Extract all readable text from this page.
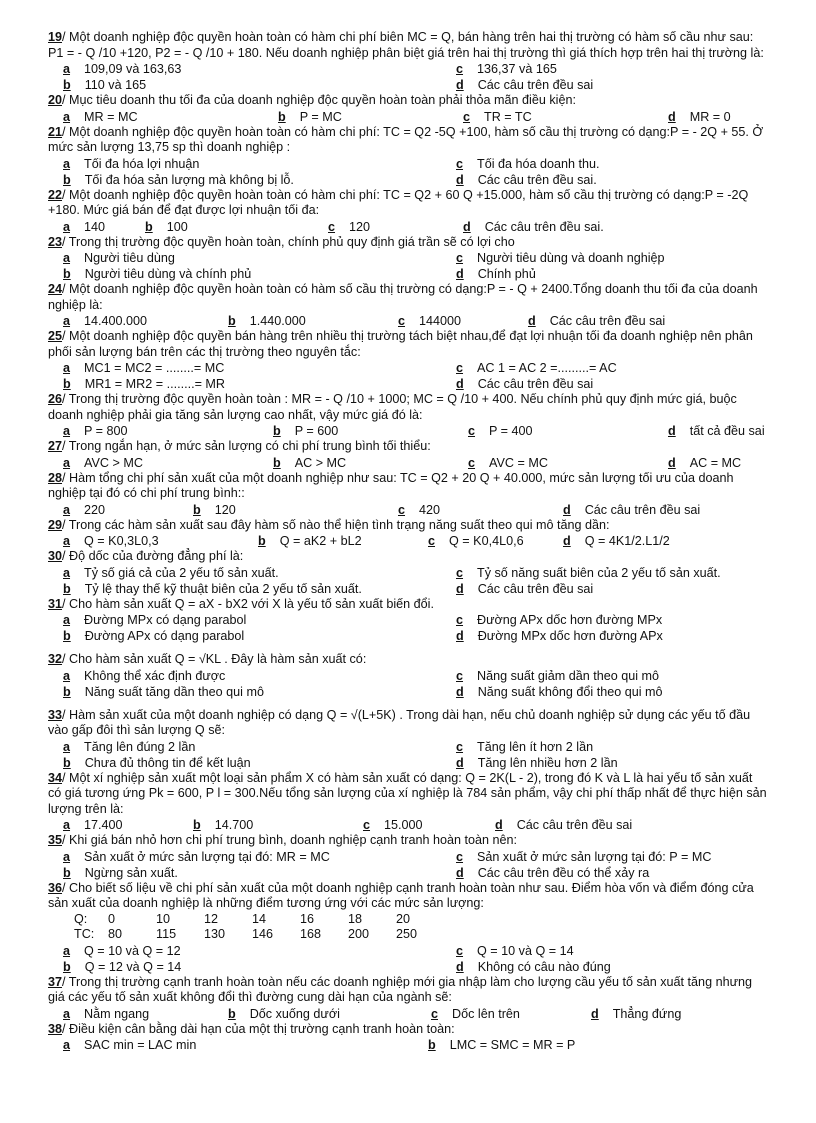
19/ Một doanh nghiệp độc quyền hoàn toàn có hàm chi phí biên MC = Q, bán hàng trên hai thị trường có hàm số cầu như sau: P1 = - Q /10 +120, P2 = - Q /10 + 180. Nếu doanh nghiệp phân biệt giá trên hai thị trường thì giá thích hợp trên hai thị trường là:

a 109,09 và 163,63	c 136,37 và 165
b 110 và 165	d Các câu trên đều sai

20/ Mục tiêu doanh thu tối đa của doanh nghiệp độc quyền hoàn toàn phải thỏa mãn điều kiện:

a MR = MC	b P = MC	c TR = TC	d MR = 0

21/ Một doanh nghiệp độc quyền hoàn toàn có hàm chi phí: TC = Q2 -5Q +100, hàm số cầu thị trường có dạng:P = - 2Q + 55. Ở mức sản lượng 13,75 sp thì doanh nghiệp :

a Tối đa hóa lợi nhuận	c Tối đa hóa doanh thu.
b Tối đa hóa sản lượng mà không bị lỗ.	d Các câu trên đều sai.

22/ Một doanh nghiệp độc quyền hoàn toàn có hàm chi phí: TC = Q2 + 60 Q +15.000, hàm số cầu thị trường có dạng:P = -2Q +180. Mức giá bán để đạt được lợi nhuận tối đa:

a 140	b 100	c 120	d Các câu trên đều sai.

23/ Trong thị trường độc quyền hoàn toàn, chính phủ quy định giá trần sẽ có lợi cho

a Người tiêu dùng	c Người tiêu dùng và doanh nghiệp
b Người tiêu dùng và chính phủ	d Chính phủ

24/ Một doanh nghiệp độc quyền hoàn toàn có hàm số cầu thị trường có dạng:P = - Q + 2400.Tổng doanh thu tối đa của doanh nghiệp là:

a 14.400.000	b 1.440.000	c 144000	d Các câu trên đều sai

25/ Một doanh nghiệp độc quyền bán hàng trên nhiều thị trường tách biệt nhau,để đạt lợi nhuận tối đa doanh nghiệp nên phân phối sản lượng bán trên các thị trường theo nguyên tắc:

a MC1 = MC2 = ........= MC	c AC 1 = AC 2 =.........= AC
b MR1 = MR2 = ........= MR	d Các câu trên đều sai

26/ Trong thị trường độc quyền hoàn toàn : MR = - Q /10 + 1000; MC = Q /10 + 400. Nếu chính phủ quy định mức giá, buộc doanh nghiệp phải gia tăng sản lượng cao nhất, vậy mức giá đó là:

a P = 800	b P = 600	c P = 400	d tất cả đều sai

27/ Trong ngắn hạn, ở mức sản lượng có chi phí trung bình tối thiểu:

a AVC > MC	b AC > MC	c AVC = MC	d AC = MC

28/ Hàm tổng chi phí sản xuất của một doanh nghiệp như sau: TC = Q2 + 20 Q + 40.000, mức sản lượng tối ưu của doanh nghiệp tại đó có chi phí trung bình::

a 220	b 120	c 420	d Các câu trên đều sai

29/ Trong các hàm sản xuất sau đây hàm số nào thể hiện tình trạng năng suất theo qui mô tăng dần:

a Q = K0,3L0,3	b Q = aK2 + bL2	c Q = K0,4L0,6	d Q = 4K1/2.L1/2

30/ Độ dốc của đường đẳng phí là:

a Tỷ số giá cả của 2 yếu tố sản xuất.	c Tỷ số năng suất biên của 2 yếu tố sản xuất.
b Tỷ lệ thay thế kỹ thuật biên của 2 yếu tố sản xuất.	d Các câu trên đều sai

31/ Cho hàm sản xuất Q = aX - bX2 với X là yếu tố sản xuất biến đổi.

a Đường MPx có dạng parabol	c Đường APx dốc hơn đường MPx
b Đường APx có dạng parabol	d Đường MPx dốc hơn đường APx

32/ Cho hàm sản xuất Q = √KL . Đây là hàm sản xuất có:

a Không thể xác định được	c Năng suất giảm dần theo qui mô
b Năng suất tăng dần theo qui mô	d Năng suất không đổi theo qui mô

33/ Hàm sản xuất của một doanh nghiệp có dạng Q = √(L+5K) . Trong dài hạn, nếu chủ doanh nghiệp sử dụng các yếu tố đầu vào gấp đôi thì sản lượng Q sẽ:

a Tăng lên đúng 2 lần	c Tăng lên ít hơn 2 lần
b Chưa đủ thông tin để kết luận	d Tăng lên nhiều hơn 2 lần

34/ Một xí nghiệp sản xuất một loại sản phẩm X có hàm sản xuất có dạng: Q = 2K(L - 2), trong đó K và L là hai yếu tố sản xuất có giá tương ứng Pk = 600, P l = 300.Nếu tổng sản lượng của xí nghiệp là 784 sản phẩm, vậy chi phí thấp nhất để thực hiện sản lượng trên là:

a 17.400	b 14.700	c 15.000	d Các câu trên đều sai

35/ Khi giá bán nhỏ hơn chi phí trung bình, doanh nghiệp cạnh tranh hoàn toàn nên:

a Sản xuất ở mức sản lượng tại đó: MR = MC	c Sản xuất ở mức sản lượng tại đó: P = MC
b Ngừng sản xuất.	d Các câu trên đều có thể xảy ra

36/ Cho biết số liệu về chi phí sản xuất của một doanh nghiệp cạnh tranh hoàn toàn như sau. Điểm hòa vốn và điểm đóng cửa sản xuất của doanh nghiệp là những điểm tương ứng với các mức sản lượng:

Q:	0	10	12	14	16	18	20
TC:	80	115	130	146	168	200	250
a Q = 10 và Q = 12	c Q = 10 và Q = 14
b Q = 12 và Q = 14	d Không có câu nào đúng

37/ Trong thị trường cạnh tranh hoàn toàn nếu các doanh nghiệp mới gia nhập làm cho lượng cầu yếu tố sản xuất tăng nhưng giá các yếu tố sản xuất không đổi thì đường cung dài hạn của ngành sẽ:

a Nằm ngang	b Dốc xuống dưới	c Dốc lên trên	d Thẳng đứng

38/ Điều kiện cân bằng dài hạn của một thị trường cạnh tranh hoàn toàn:

a SAC min = LAC min	b LMC = SMC = MR = P
